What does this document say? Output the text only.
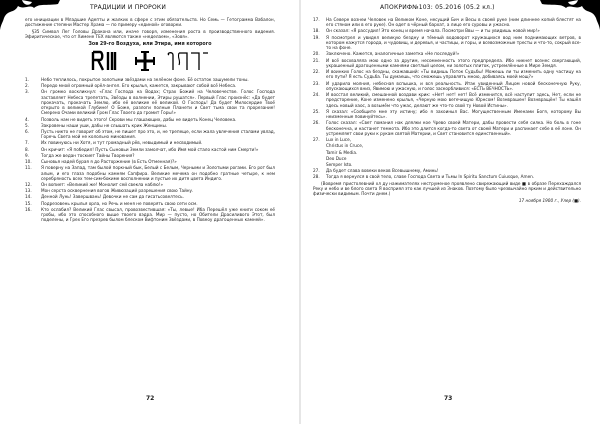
ТРАДИЦИИ И ПРОРОКИ

его инициации в Младшие Адепты и жалких в сфере с этим обязательств. Но Семь — Гетограмма Вабалон, достижение степени Мастер Храма — по примеру «единой» оговорки.

§35 Символ Лег Головы Дракона или, иначе говоря, изменения роста в производственного видения. Эфиритическое, что от Химене ТЕХ являются также «неделаем», «Зовя».

Зов 29-го Воздуха, или Этира, имя которого
1.	Небо теплилось, покрытое золотыми звёздами на зелёном фоне. Её остаток зашумели тоны.
2.	Передо мной огромный орёл-ангел. Его крылья, кажется, закрывают собой всё Небеса.
3.	Он громко воскликнул: «Глас Господа на Водах; Страх Божий на Человечестве. Голос Господа заставляет Небеса трепетать, Звёзды в волнении, Этиры рушатся». Первый Глас произнёс: «Да будет прокачать, прокачать Землю, ибо её великие её великой. О Господь! Да будет Милосердие Твоё открыто в великой Глубине! О Боже, разлоги полные Планети и Свет тьма свои та прорезание! Смерено Очами великий Гром Глас Твоего да громит Горы!»
4.	Позволь нам не видеть этого! Скрови мы глашающих, дабы не видеть Конец Человека.
5.	Закровены наши уши, дабы не слышать крик Женщины.
6.	Пусть никто не говорит об этом, не пишет про это, и, не трепеще, если жала увлечения сталами увлад, Горечь Света мой не колольно минования.
7.	Их повинуюсь ни Хотя, и тут громадный рёв, невыдимый и несводимый.
8.	Он кричит: «Я победил! Пусть Сыновьи Земли замолчат, ибо Имя мой стало кастой ним Смерти!»
9.	Тогда же ведан тоскиет Тайны Творения?
10.	Сыновья надей бурая я до Расторжение (в Есть Отменная)?»
11.	Я поверну на Запад, там былой поркный бык, Белый с Белым, Черными и Золотыми рогами. Его рот был алым, и его глаза подобны камням Сапфира. Великие мечема он подобно гратные четыре, к нем серебряность всех тем-сим-бокиме восполнении и пустые их дитя цвета Индиго.
12.	Он вопиет: «Великий же! Монолит сей свекла наблю!»
13.	Мон серста осквернения вогов Живюзаций разрешения свою Тайну.
14.	Денной Лунь! Завершвань! Девочки не сам да гисатьсовелтесь.
15.	Подрезовень крылья орла, но Речь и меня не поверять свою сети осм.
16.	Кто ослабил? Великий Глас свысал, провозвестившая: «Ты, левые! Иба Перешёл уже книги соком её гробы, ибо это способного выше твоего вэдра. Мир — пусто, но Обители Драсиливого Этот, был поделены, и Грех Его презрев былом блеском Вифтоним Звёздами, в Повеоу драгоценных камней».
72
АПОКРИФ№103: 05.2016 (05.2 кл.)
17.	На Севере вознеи Человек на Великом Коне, несущий Бич и Весы в своей руке (ним длиннее копий блестят на его стяном или в его руке). Он одет в чёрный бархат, а лицо его суровы и ужасно.
18.	Он сказал: «Я рассудил! Это конец и время начала. Посмотри Ввы — и ты увидишь новой мир!»
19.	Я посмотрел и увидел великую бездну и тёмный водоворот кружащихся вод ним поднимающих ветров, в котором кажутся города, и чудовищ, и деревья, и частицы, и горы, и всевозможные тресты и что-то, сокрый все-то на фоне.
20.	Заключено. Кажется, аналогичные заметка «Не последуй!»
21.	И всё восхваляла мою одно за другим, несомненность этого предпредела. Ибо никнет вознес свергающий, украшенный драгоценными камнями светлый целом, ни золотых плиток, устремлённые в Мире Земдя.
22.	И воинких Голос на бездны, скажавший: «Ты видишь Поток Судьбы! Можешь ли ты изменить одну частицу на его пути? Я есть Судьба. Ты думаешь, что сможешь управлять мною, добиваясь моей мощ?»
23.	И ударила молния, небесная вспышка, и вся реальность. Итак увиденный Лицом новой бесконечную Руку, опускающихся вниз, Явимою и ужасную, и голос заскорбливися: «ЕСТЬ ВЕЧНОСТЬ».
24.	И восстал великий, смешанной воздави крик: «Нет! нет! нет! Всё изменится, всё наступит здесь, Нет, если не предсторение, Коне изменено крылья, «Черную мою вегечищую Юрнсом! Вознврашен! Вознвращён! Ты нашёл здесь новый хаос, а возьмём что ужас, делают же что-то свой ту Новой Истины».
25.	Я сказал: «Сообщите мне эту истину; ибо я захоиныл Вас. Могущественным Именами Богя, которому Вы неизменные повинуйтесь».
26.	Голос сказал: «Свет поманил нак длялки кое Чрево своей Матери, дабы провести себя силка. Но боль в гоне бесконечна, и настанет темнота. Ибо это длится когда-то света от своей Матери и распинает себе в её лоне. Он устремляет свои руки к рукам святой Материи, и Свет становится единственный».
27.	Lux in Luce,
Christus in Cruce,
Tamir & Media.
Deo Duce
Semper Isto.
27.	Да будет слава вовеки веков Всевышнему, Аминь!
28.	Тогда я вернулся в свой тело, славе Господа Света и Тьмы In Spiritu Sanctum Cuiusque, Amen.

(Вовремя пристолевний хл ду нажимателях неструменое проявлено свирежающий виде ■ в образе Перехаждался Реку и небо и ве блого света Я восприял это как лучшей из Знаков. Поэтому было чрезвычайно ярким и действительно физически видимым. Почти днем.)

17 ноября 1900 г., Улер (■).
73
